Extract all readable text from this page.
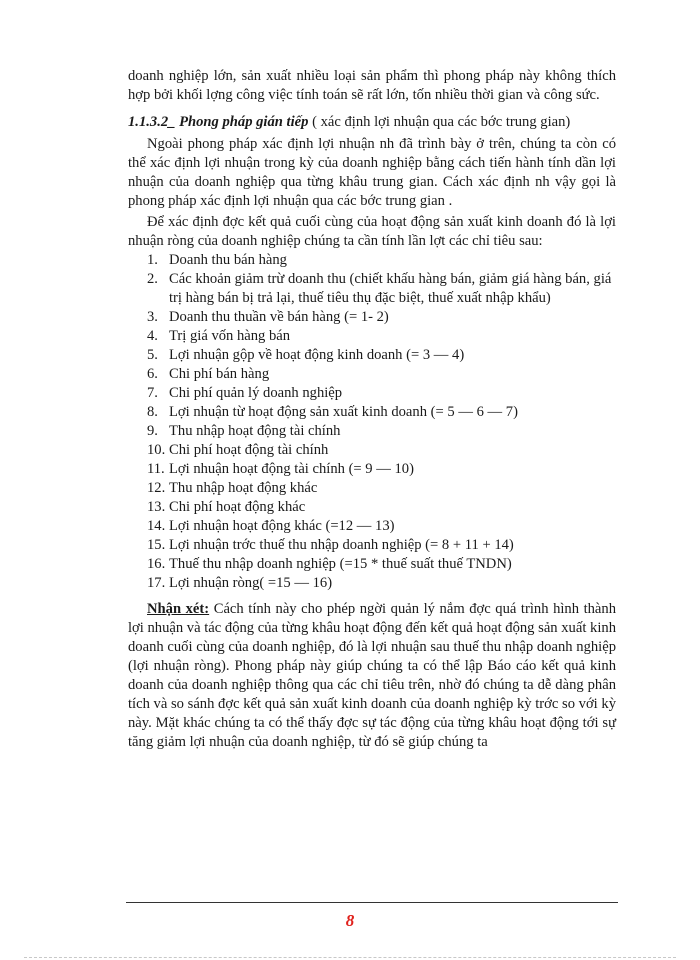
doanh nghiệp lớn, sản xuất nhiều loại sản phẩm thì phong pháp này không thích hợp bởi khối lợng công việc tính toán sẽ rất lớn, tốn nhiều thời gian và công sức.

1.1.3.2_ Phong pháp gián tiếp ( xác định lợi nhuận qua các bớc trung gian)

Ngoài phong pháp xác định lợi nhuận nh đã trình bày ở trên, chúng ta còn có thể xác định lợi nhuận trong kỳ của doanh nghiệp bằng cách tiến hành tính dần lợi nhuận của doanh nghiệp qua từng khâu trung gian. Cách xác định nh vậy gọi là phong pháp xác định lợi nhuận qua các bớc trung gian .

Để xác định đợc kết quả cuối cùng của hoạt động sản xuất kinh doanh đó là lợi nhuận ròng của doanh nghiệp chúng ta cần tính lần lợt các chỉ tiêu sau:

1. Doanh thu bán hàng
2. Các khoản giảm trừ doanh thu (chiết khấu hàng bán, giảm giá hàng bán, giá trị hàng bán bị trả lại, thuế tiêu thụ đặc biệt, thuế xuất nhập khẩu)
3. Doanh thu thuần về bán hàng (= 1- 2)
4. Trị giá vốn hàng bán
5. Lợi nhuận gộp về hoạt động kinh doanh (= 3 — 4)
6. Chi phí bán hàng
7. Chi phí quản lý doanh nghiệp
8. Lợi nhuận từ hoạt động sản xuất kinh doanh (= 5 — 6 — 7)
9. Thu nhập hoạt động tài chính
10. Chi phí hoạt động tài chính
11. Lợi nhuận hoạt động tài chính (= 9 — 10)
12. Thu nhập hoạt động khác
13. Chi phí hoạt động khác
14. Lợi nhuận hoạt động khác (=12 — 13)
15. Lợi nhuận trớc thuế thu nhập doanh nghiệp (= 8 + 11 + 14)
16. Thuế thu nhập doanh nghiệp (=15 * thuế suất thuế TNDN)
17. Lợi nhuận ròng( =15 — 16)

Nhận xét: Cách tính này cho phép ngời quản lý nắm đợc quá trình hình thành lợi nhuận và tác động của từng khâu hoạt động đến kết quả hoạt động sản xuất kinh doanh cuối cùng của doanh nghiệp, đó là lợi nhuận sau thuế thu nhập doanh nghiệp (lợi nhuận ròng). Phong pháp này giúp chúng ta có thể lập Báo cáo kết quả kinh doanh của doanh nghiệp thông qua các chỉ tiêu trên, nhờ đó chúng ta dễ dàng phân tích và so sánh đợc kết quả sản xuất kinh doanh của doanh nghiệp kỳ trớc so với kỳ này. Mặt khác chúng ta có thể thấy đợc sự tác động của từng khâu hoạt động tới sự tăng giảm lợi nhuận của doanh nghiệp, từ đó sẽ giúp chúng ta

8
